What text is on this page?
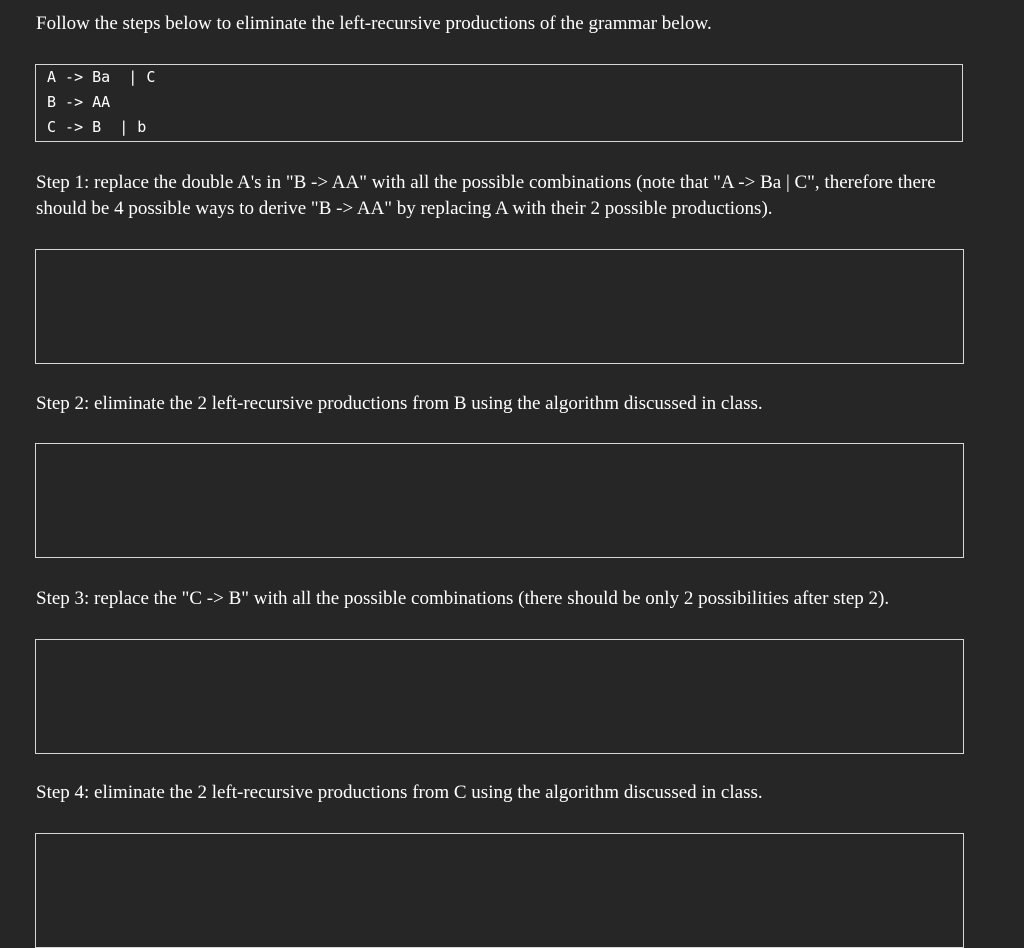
Follow the steps below to eliminate the left-recursive productions of the grammar below.

A -> Ba  | C
B -> AA
C -> B  | b

Step 1: replace the double A's in "B -> AA" with all the possible combinations (note that "A -> Ba | C", therefore there should be 4 possible ways to derive "B -> AA" by replacing A with their 2 possible productions).

Step 2: eliminate the 2 left-recursive productions from B using the algorithm discussed in class.

Step 3: replace the "C -> B" with all the possible combinations (there should be only 2 possibilities after step 2).

Step 4: eliminate the 2 left-recursive productions from C using the algorithm discussed in class.
